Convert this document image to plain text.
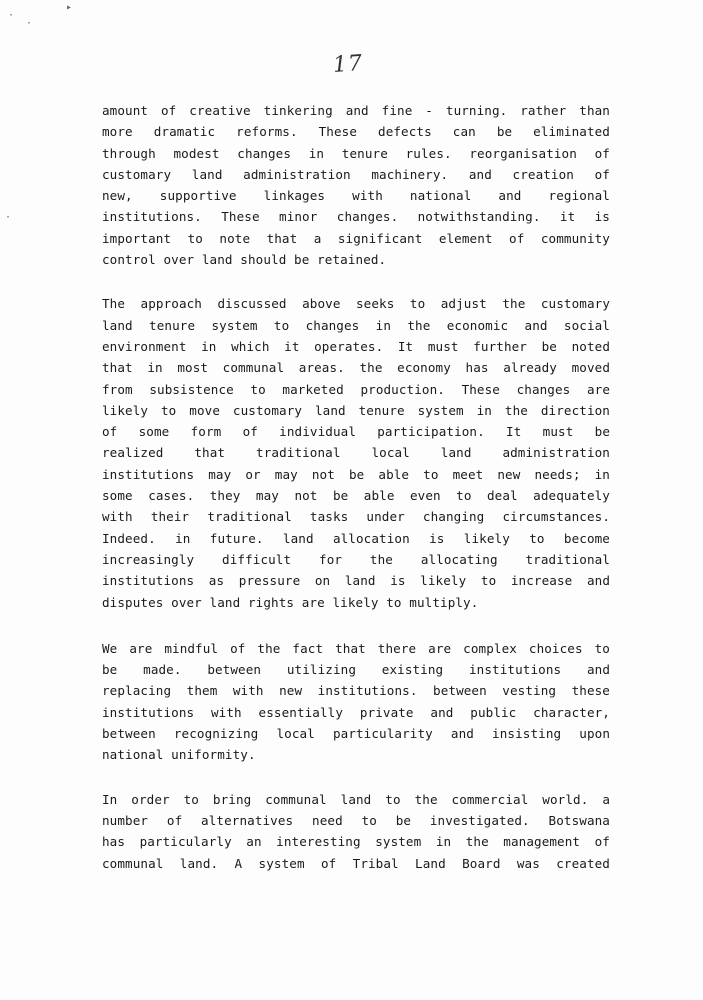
·
·
▸
·
17

amount of creative tinkering and fine - turning. rather than
more dramatic reforms. These defects can be eliminated
through modest changes in tenure rules. reorganisation of
customary land administration machinery. and creation of
new, supportive linkages with national and regional
institutions. These minor changes. notwithstanding. it is
important to note that a significant element of community
control over land should be retained.

The approach discussed above seeks to adjust the customary
land tenure system to changes in the economic and social
environment in which it operates. It must further be noted
that in most communal areas. the economy has already moved
from subsistence to marketed production. These changes are
likely to move customary land tenure system in the direction
of some form of individual participation. It must be
realized that traditional local land administration
institutions may or may not be able to meet new needs; in
some cases. they may not be able even to deal adequately
with their traditional tasks under changing circumstances.
Indeed. in future. land allocation is likely to become
increasingly difficult for the allocating traditional
institutions as pressure on land is likely to increase and
disputes over land rights are likely to multiply.

We are mindful of the fact that there are complex choices to
be made. between utilizing existing institutions and
replacing them with new institutions. between vesting these
institutions with essentially private and public character,
between recognizing local particularity and insisting upon
national uniformity.

In order to bring communal land to the commercial world. a
number of alternatives need to be investigated. Botswana
has particularly an interesting system in the management of
communal land. A system of Tribal Land Board was created
